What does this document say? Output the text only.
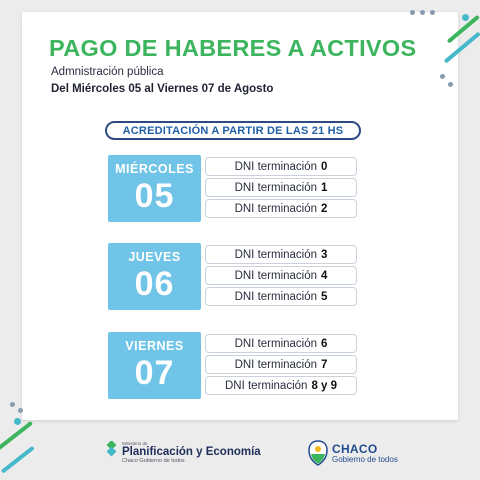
PAGO DE HABERES A ACTIVOS
Admnistración pública
Del Miércoles 05 al Viernes 07 de Agosto
ACREDITACIÓN A PARTIR DE LAS 21 HS
MIÉRCOLES
05
DNI terminación 0
DNI terminación 1
DNI terminación 2
JUEVES
06
DNI terminación 3
DNI terminación 4
DNI terminación 5
VIERNES
07
DNI terminación 6
DNI terminación 7
DNI terminación 8 y 9
Ministerio de
Planificación y Economía
Chaco Gobierno de todos
CHACO
Gobierno de todos
